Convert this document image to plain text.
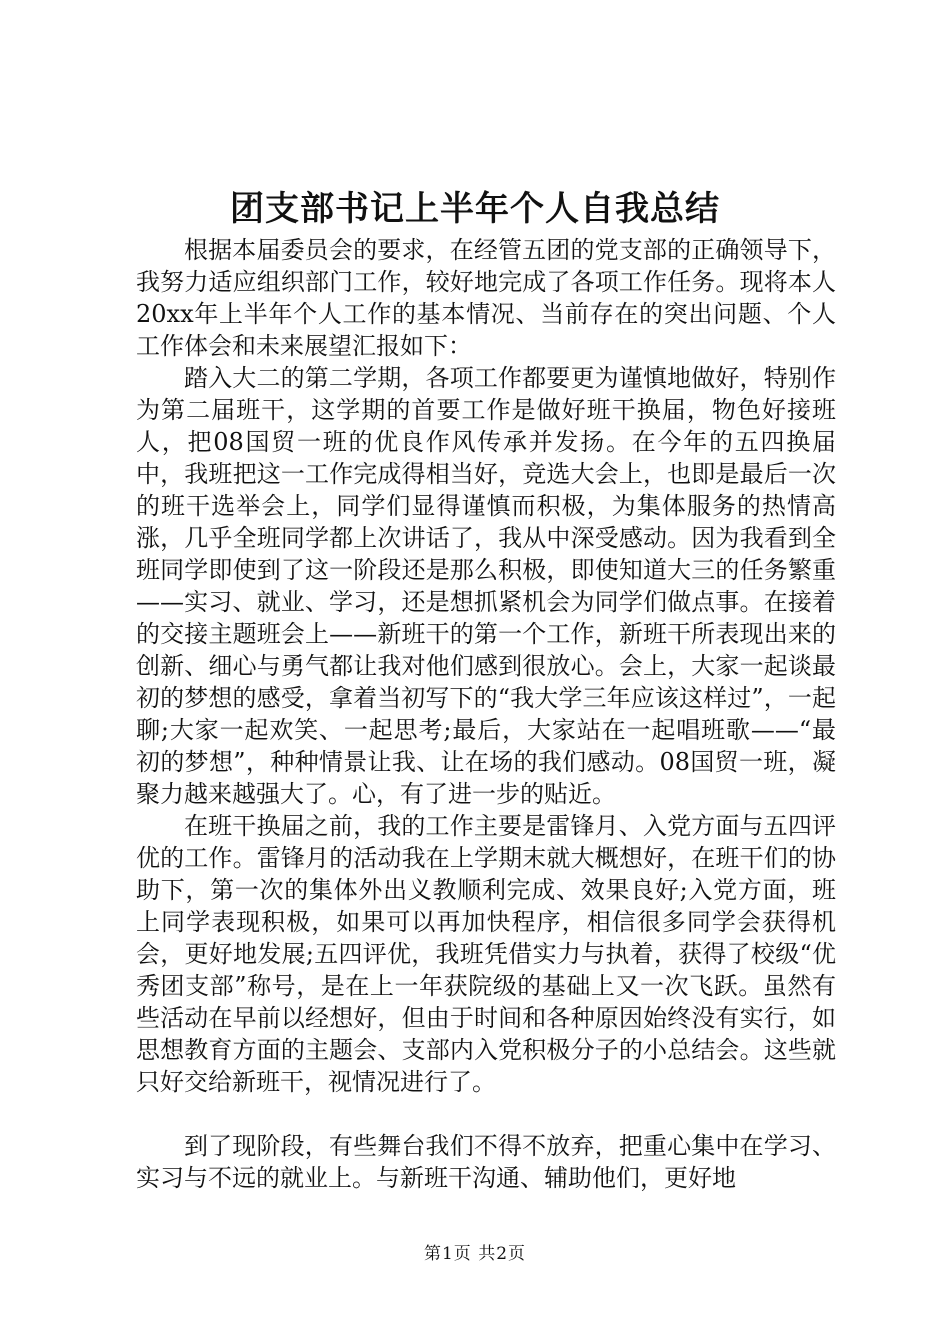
团支部书记上半年个人自我总结

根据本届委员会的要求，在经管五团的党支部的正确领导下，我努力适应组织部门工作，较好地完成了各项工作任务。现将本人20xx年上半年个人工作的基本情况、当前存在的突出问题、个人工作体会和未来展望汇报如下：

踏入大二的第二学期，各项工作都要更为谨慎地做好，特别作为第二届班干，这学期的首要工作是做好班干换届，物色好接班人，把08国贸一班的优良作风传承并发扬。在今年的五四换届中，我班把这一工作完成得相当好，竞选大会上，也即是最后一次的班干选举会上，同学们显得谨慎而积极，为集体服务的热情高涨，几乎全班同学都上次讲话了，我从中深受感动。因为我看到全班同学即使到了这一阶段还是那么积极，即使知道大三的任务繁重——实习、就业、学习，还是想抓紧机会为同学们做点事。在接着的交接主题班会上——新班干的第一个工作，新班干所表现出来的创新、细心与勇气都让我对他们感到很放心。会上，大家一起谈最初的梦想的感受，拿着当初写下的“我大学三年应该这样过”，一起聊;大家一起欢笑、一起思考;最后，大家站在一起唱班歌——“最初的梦想”，种种情景让我、让在场的我们感动。08国贸一班，凝聚力越来越强大了。心，有了进一步的贴近。

在班干换届之前，我的工作主要是雷锋月、入党方面与五四评优的工作。雷锋月的活动我在上学期末就大概想好，在班干们的协助下，第一次的集体外出义教顺利完成、效果良好;入党方面，班上同学表现积极，如果可以再加快程序，相信很多同学会获得机会，更好地发展;五四评优，我班凭借实力与执着，获得了校级“优秀团支部”称号，是在上一年获院级的基础上又一次飞跃。虽然有些活动在早前以经想好，但由于时间和各种原因始终没有实行，如思想教育方面的主题会、支部内入党积极分子的小总结会。这些就只好交给新班干，视情况进行了。

到了现阶段，有些舞台我们不得不放弃，把重心集中在学习、实习与不远的就业上。与新班干沟通、辅助他们，更好地

第1页 共2页
